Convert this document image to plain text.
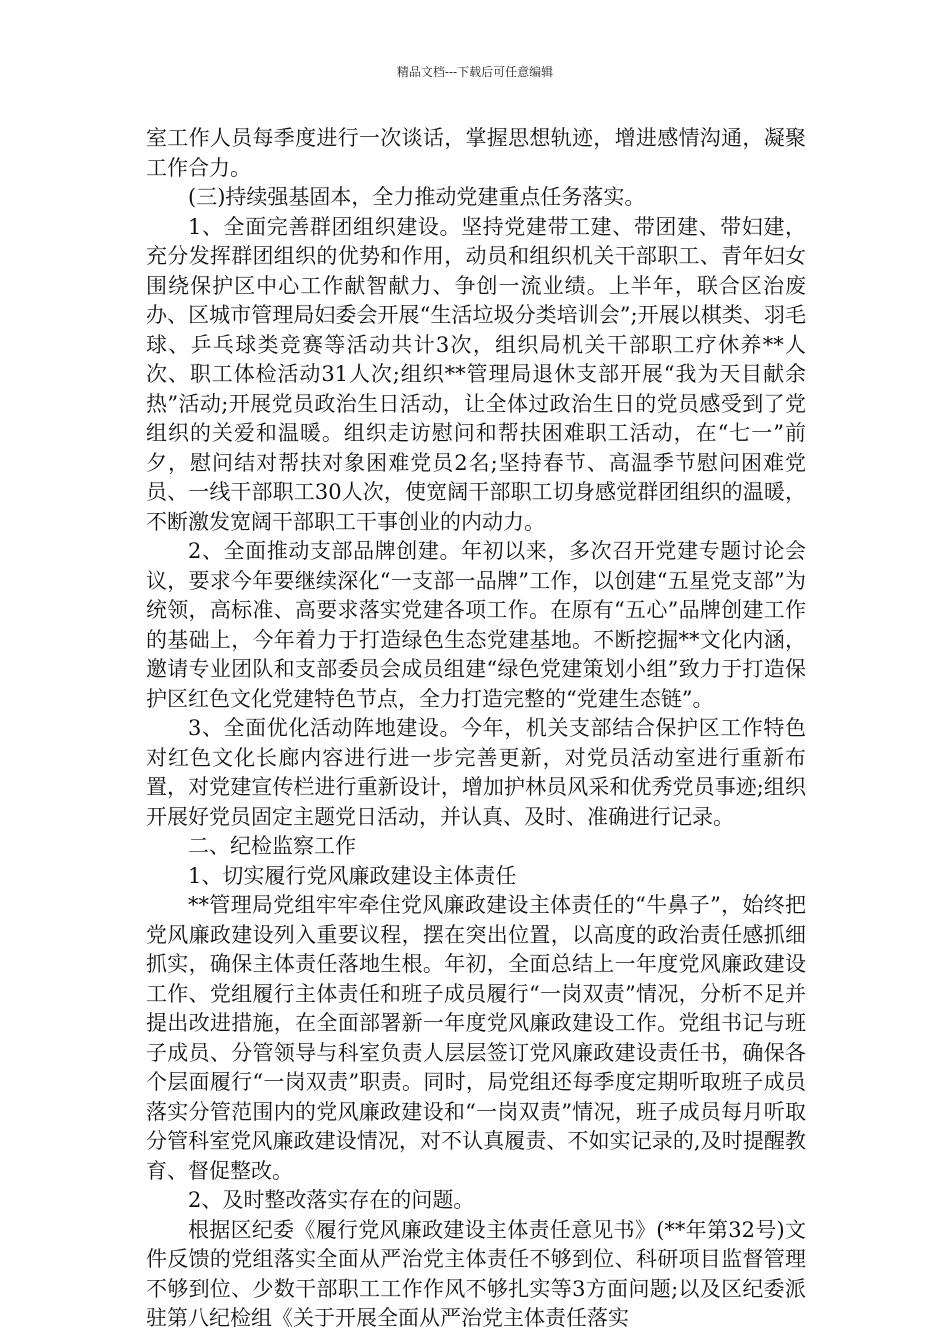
精品文档---下载后可任意编辑

室工作人员每季度进行一次谈话，掌握思想轨迹，增进感情沟通，凝聚工作合力。

(三)持续强基固本，全力推动党建重点任务落实。

1、全面完善群团组织建设。坚持党建带工建、带团建、带妇建，充分发挥群团组织的优势和作用，动员和组织机关干部职工、青年妇女围绕保护区中心工作献智献力、争创一流业绩。上半年，联合区治废办、区城市管理局妇委会开展“生活垃圾分类培训会”;开展以棋类、羽毛球、乒乓球类竞赛等活动共计3次，组织局机关干部职工疗休养**人次、职工体检活动31人次;组织**管理局退休支部开展“我为天目献余热”活动;开展党员政治生日活动，让全体过政治生日的党员感受到了党组织的关爱和温暖。组织走访慰问和帮扶困难职工活动，在“七一”前夕，慰问结对帮扶对象困难党员2名;坚持春节、高温季节慰问困难党员、一线干部职工30人次，使宽阔干部职工切身感觉群团组织的温暖，不断激发宽阔干部职工干事创业的内动力。

2、全面推动支部品牌创建。年初以来，多次召开党建专题讨论会议，要求今年要继续深化“一支部一品牌”工作，以创建“五星党支部”为统领，高标准、高要求落实党建各项工作。在原有“五心”品牌创建工作的基础上，今年着力于打造绿色生态党建基地。不断挖掘**文化内涵，邀请专业团队和支部委员会成员组建“绿色党建策划小组”致力于打造保护区红色文化党建特色节点，全力打造完整的“党建生态链”。

3、全面优化活动阵地建设。今年，机关支部结合保护区工作特色对红色文化长廊内容进行进一步完善更新，对党员活动室进行重新布置，对党建宣传栏进行重新设计，增加护林员风采和优秀党员事迹;组织开展好党员固定主题党日活动，并认真、及时、准确进行记录。

二、纪检监察工作

1、切实履行党风廉政建设主体责任

**管理局党组牢牢牵住党风廉政建设主体责任的“牛鼻子”，始终把党风廉政建设列入重要议程，摆在突出位置，以高度的政治责任感抓细抓实，确保主体责任落地生根。年初，全面总结上一年度党风廉政建设工作、党组履行主体责任和班子成员履行“一岗双责”情况，分析不足并提出改进措施，在全面部署新一年度党风廉政建设工作。党组书记与班子成员、分管领导与科室负责人层层签订党风廉政建设责任书，确保各个层面履行“一岗双责”职责。同时，局党组还每季度定期听取班子成员落实分管范围内的党风廉政建设和“一岗双责”情况，班子成员每月听取分管科室党风廉政建设情况，对不认真履责、不如实记录的,及时提醒教育、督促整改。

2、及时整改落实存在的问题。

根据区纪委《履行党风廉政建设主体责任意见书》(**年第32号)文件反馈的党组落实全面从严治党主体责任不够到位、科研项目监督管理不够到位、少数干部职工工作作风不够扎实等3方面问题;以及区纪委派驻第八纪检组《关于开展全面从严治党主体责任落实
